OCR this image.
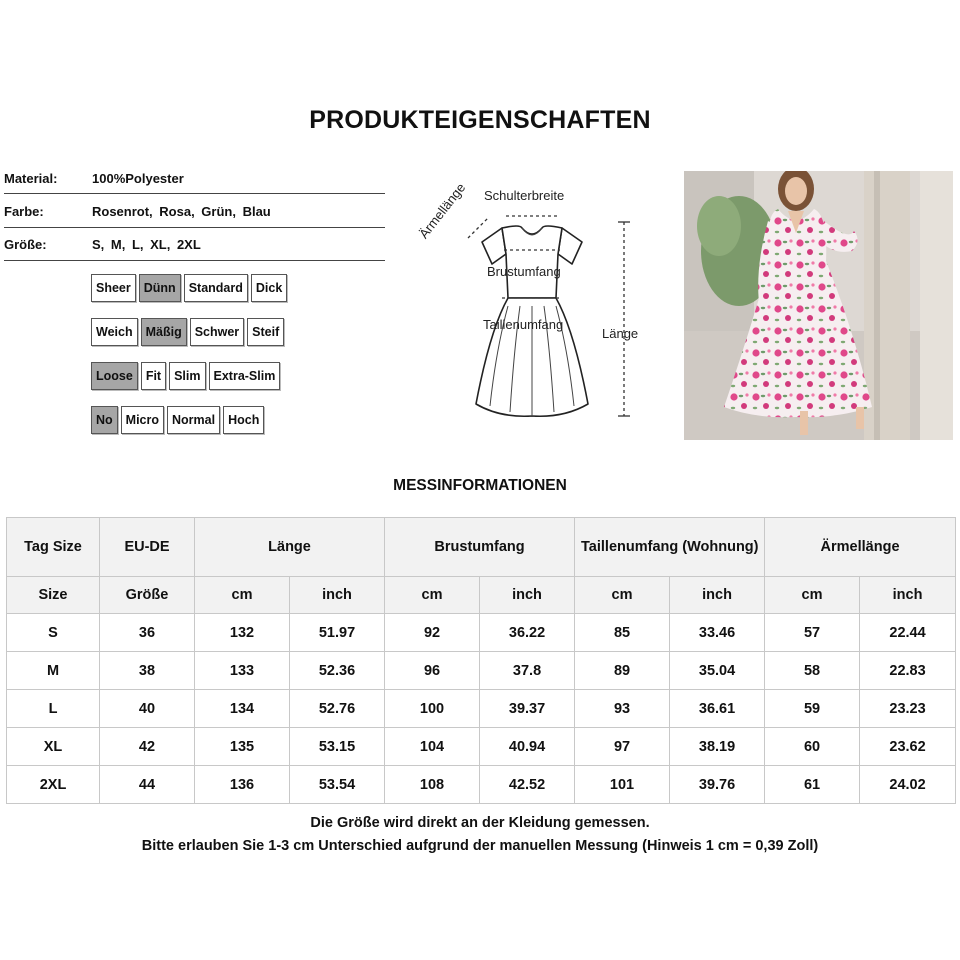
PRODUKTEIGENSCHAFTEN
Material:	100%Polyester
Farbe:	Rosenrot, Rosa, Grün, Blau
Größe:	S, M, L, XL, 2XL
Sheer	Dünn	Standard	Dick
Weich	Mäßig	Schwer	Steif
Loose	Fit	Slim	Extra-Slim
No	Micro	Normal	Hoch
Schulterbreite
Ärmellänge
Brustumfang
Taillenumfang
Länge
MESSINFORMATIONEN
Tag Size	EU-DE	Länge		Brustumfang		Taillenumfang (Wohnung)		Ärmellänge	
Size	Größe	cm	inch	cm	inch	cm	inch	cm	inch
S	36	132	51.97	92	36.22	85	33.46	57	22.44
M	38	133	52.36	96	37.8	89	35.04	58	22.83
L	40	134	52.76	100	39.37	93	36.61	59	23.23
XL	42	135	53.15	104	40.94	97	38.19	60	23.62
2XL	44	136	53.54	108	42.52	101	39.76	61	24.02
Die Größe wird direkt an der Kleidung gemessen.
Bitte erlauben Sie 1-3 cm Unterschied aufgrund der manuellen Messung (Hinweis 1 cm = 0,39 Zoll)
